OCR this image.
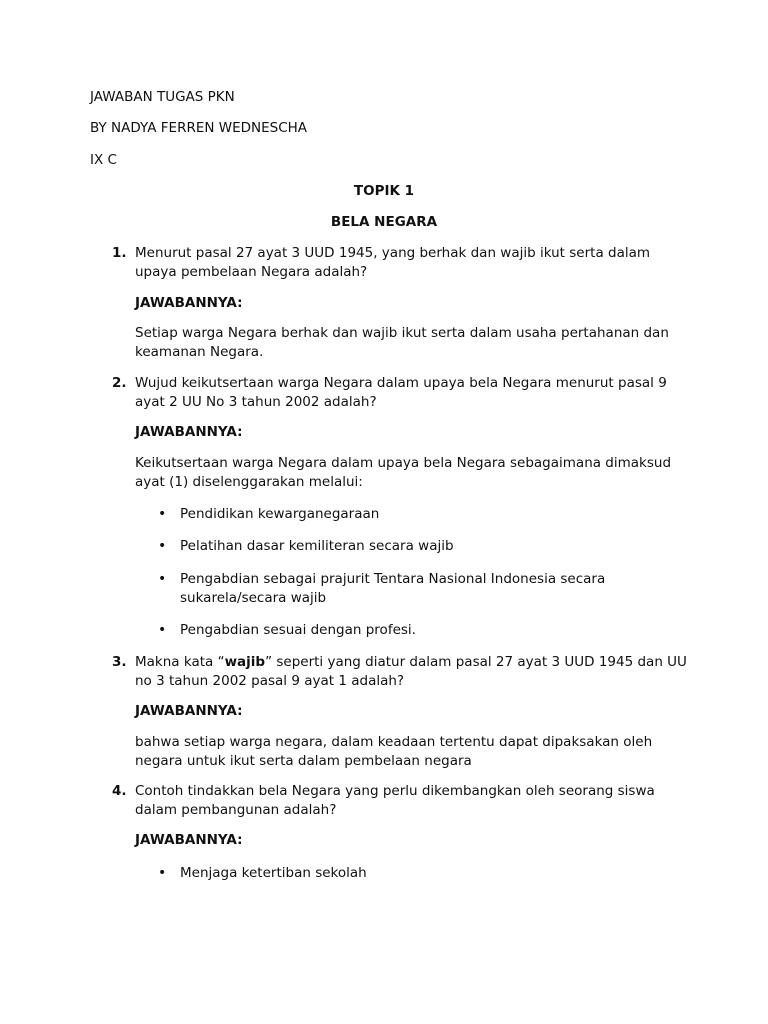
JAWABAN TUGAS PKN
BY NADYA FERREN WEDNESCHA
IX C
TOPIK 1
BELA NEGARA
1. Menurut pasal 27 ayat 3 UUD 1945, yang berhak dan wajib ikut serta dalam upaya pembelaan Negara adalah?
JAWABANNYA:
Setiap warga Negara berhak dan wajib ikut serta dalam usaha pertahanan dan keamanan Negara.
2. Wujud keikutsertaan warga Negara dalam upaya bela Negara menurut pasal 9 ayat 2 UU No 3 tahun 2002 adalah?
JAWABANNYA:
Keikutsertaan warga Negara dalam upaya bela Negara sebagaimana dimaksud ayat (1) diselenggarakan melalui:
• Pendidikan kewarganegaraan
• Pelatihan dasar kemiliteran secara wajib
• Pengabdian sebagai prajurit Tentara Nasional Indonesia secara sukarela/secara wajib
• Pengabdian sesuai dengan profesi.
3. Makna kata “wajib” seperti yang diatur dalam pasal 27 ayat 3 UUD 1945 dan UU no 3 tahun 2002 pasal 9 ayat 1 adalah?
JAWABANNYA:
bahwa setiap warga negara, dalam keadaan tertentu dapat dipaksakan oleh negara untuk ikut serta dalam pembelaan negara
4. Contoh tindakkan bela Negara yang perlu dikembangkan oleh seorang siswa dalam pembangunan adalah?
JAWABANNYA:
• Menjaga ketertiban sekolah
